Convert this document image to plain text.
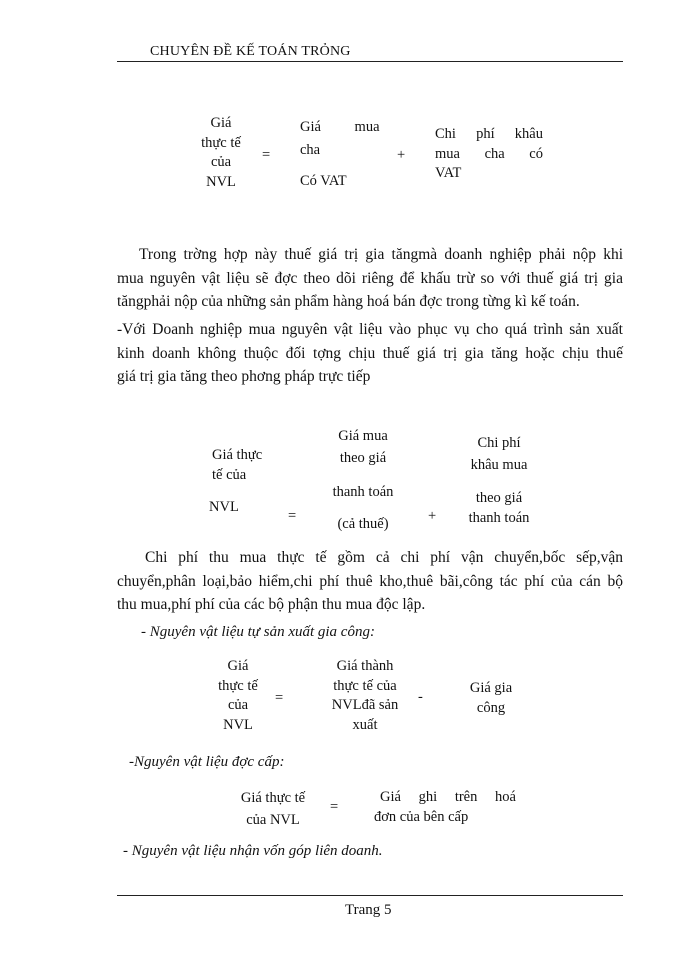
CHUYÊN ĐỀ KẾ TOÁN TRỎNG
Giá
thực tế
của
NVL
=
Giá mua
cha
Có VAT
+
Chi phí khâu
mua cha có
VAT
Trong trờng hợp này thuế giá trị gia tăngmà doanh nghiệp phải nộp khi
mua nguyên vật liệu sẽ đợc theo dõi riêng để khấu trừ so với thuế giá trị gia
tăngphải nộp của những sản phẩm hàng hoá bán đợc trong từng kì kế toán.
-Với Doanh nghiệp mua nguyên vật liệu vào phục vụ cho quá trình sản xuất
kinh doanh không thuộc đối tợng chịu thuế giá trị gia tăng hoặc chịu thuế
giá trị gia tăng theo phơng pháp trực tiếp
Giá thực
tế của
NVL
=
Giá mua
theo giá
thanh toán
(cả thuế)	+
Chi phí
khâu mua
theo giá
thanh toán
Chi phí thu mua thực tế gồm cả chi phí vận chuyển,bốc sếp,vận
chuyển,phân loại,bảo hiểm,chi phí thuê kho,thuê bãi,công tác phí của cán bộ
thu mua,phí phí của các bộ phận thu mua độc lập.
- Nguyên vật liệu tự sản xuất gia công:
Giá
thực tế
của
NVL
=
Giá thành
thực tế của
NVLđã sản
xuất
-
Giá gia
công
-Nguyên vật liệu đợc cấp:
Giá thực tế
của NVL
=
Giá ghi trên hoá
đơn của bên cấp
- Nguyên vật liệu nhận vốn góp liên doanh.
Trang 5
